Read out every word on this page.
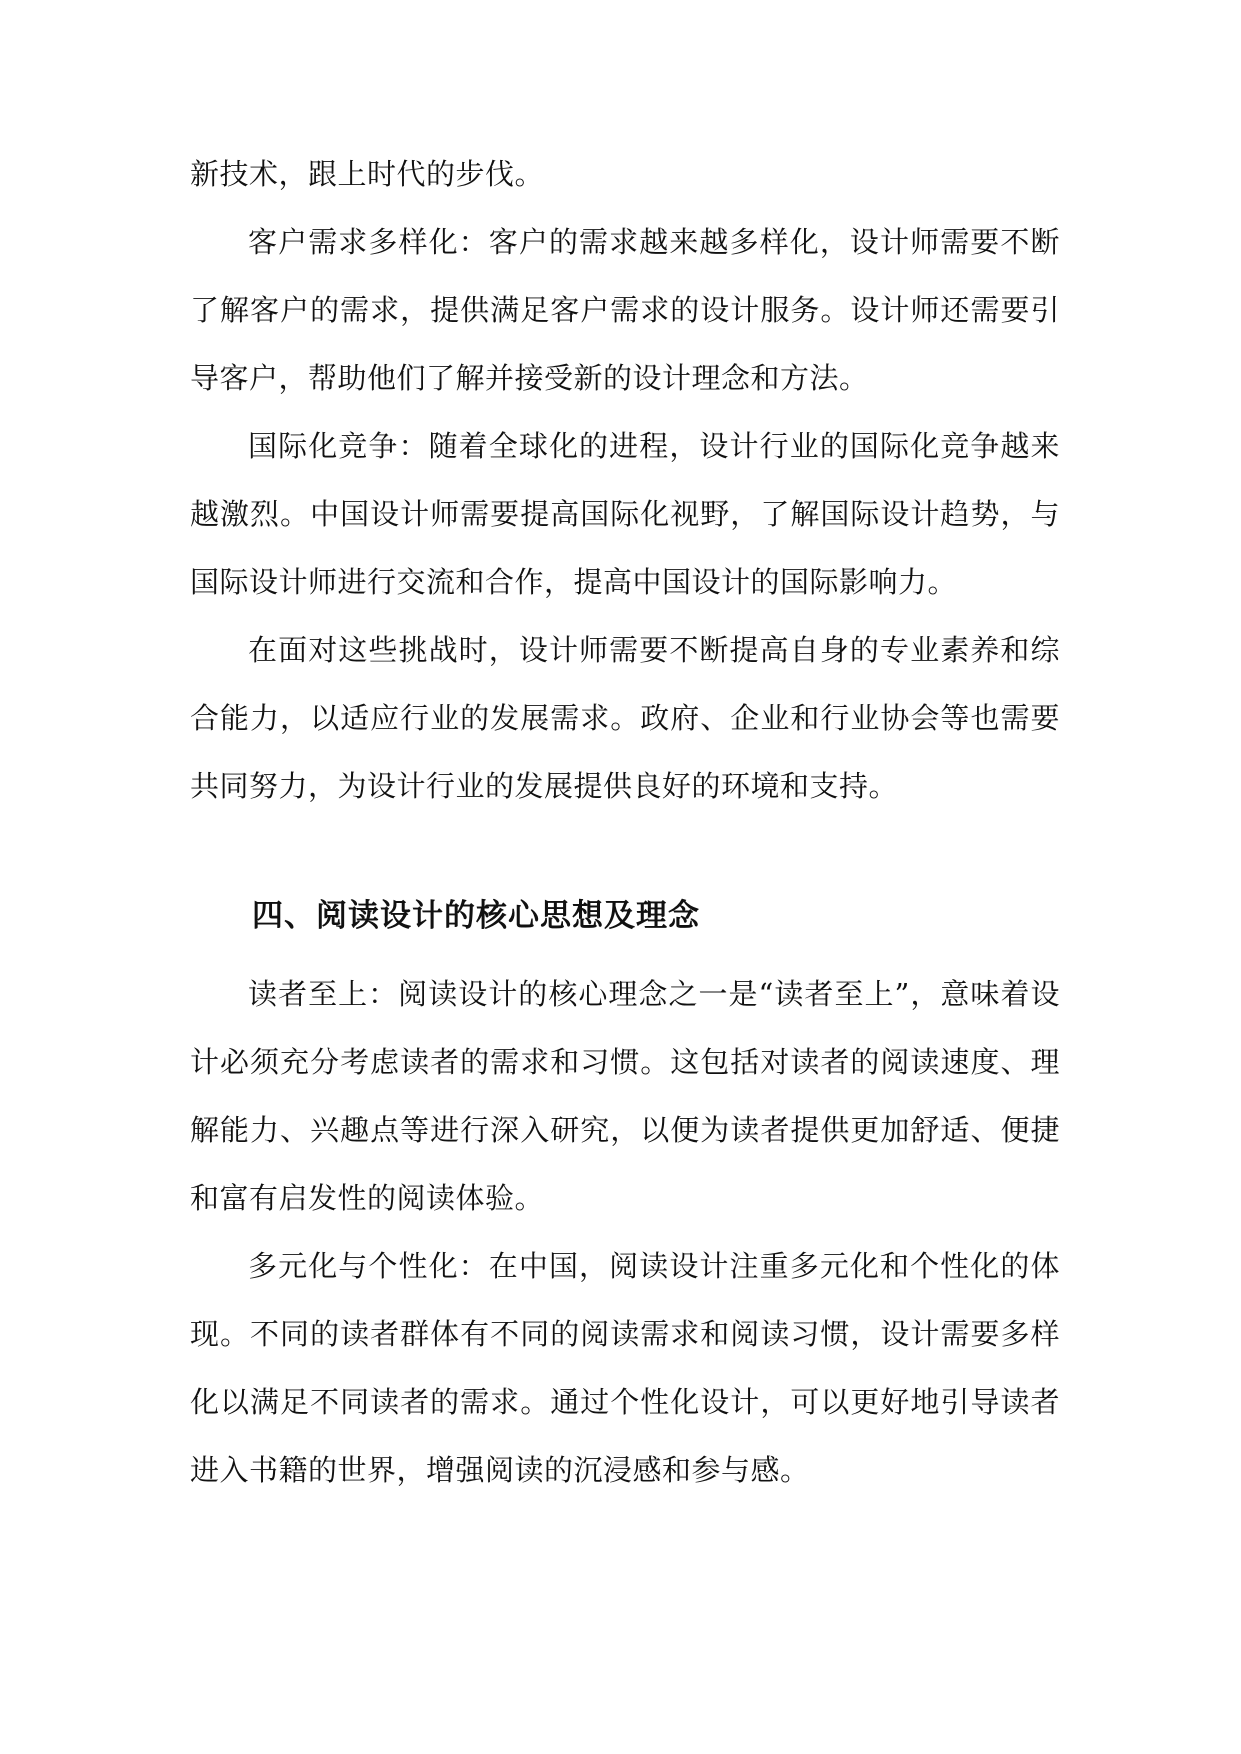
新技术，跟上时代的步伐。

客户需求多样化：客户的需求越来越多样化，设计师需要不断了解客户的需求，提供满足客户需求的设计服务。设计师还需要引导客户，帮助他们了解并接受新的设计理念和方法。

国际化竞争：随着全球化的进程，设计行业的国际化竞争越来越激烈。中国设计师需要提高国际化视野，了解国际设计趋势，与国际设计师进行交流和合作，提高中国设计的国际影响力。

在面对这些挑战时，设计师需要不断提高自身的专业素养和综合能力，以适应行业的发展需求。政府、企业和行业协会等也需要共同努力，为设计行业的发展提供良好的环境和支持。

四、阅读设计的核心思想及理念

读者至上：阅读设计的核心理念之一是“读者至上”，意味着设计必须充分考虑读者的需求和习惯。这包括对读者的阅读速度、理解能力、兴趣点等进行深入研究，以便为读者提供更加舒适、便捷和富有启发性的阅读体验。

多元化与个性化：在中国，阅读设计注重多元化和个性化的体现。不同的读者群体有不同的阅读需求和阅读习惯，设计需要多样化以满足不同读者的需求。通过个性化设计，可以更好地引导读者进入书籍的世界，增强阅读的沉浸感和参与感。
